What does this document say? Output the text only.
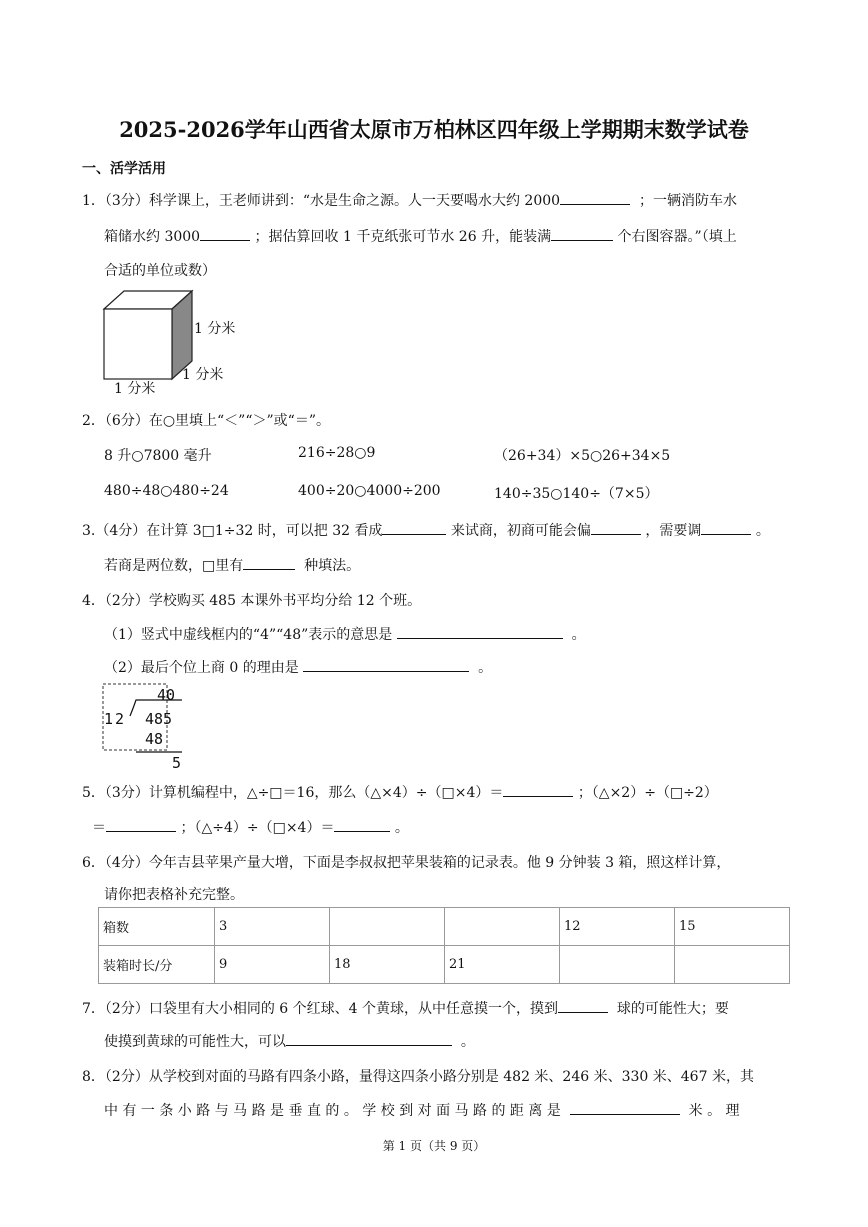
2025-2026学年山西省太原市万柏林区四年级上学期期末数学试卷
一、活学活用
1．（3分）科学课上，王老师讲到：“水是生命之源。人一天要喝水大约 2000	；一辆消防车水
箱储水约 3000	；据估算回收 1 千克纸张可节水 26 升，能装满	个右图容器。”（填上
合适的单位或数）
1 分米
1 分米
1 分米
2．（6分）在○里填上“＜”“＞”或“＝”。
8 升○7800 毫升	216÷28○9	（26+34）×5○26+34×5
480÷48○480÷24	400÷20○4000÷200	140÷35○140÷（7×5）
3.（4分）在计算 3□1÷32 时，可以把 32 看成	来试商，初商可能会偏	，需要调	。
若商是两位数，□里有	种填法。
4．（2分）学校购买 485 本课外书平均分给 12 个班。
（1）竖式中虚线框内的“4”“48”表示的意思是	。
（2）最后个位上商 0 的理由是	。
40
12 485
48
5
5．（3分）计算机编程中，△÷□＝16，那么（△×4）÷（□×4）＝	；（△×2）÷（□÷2）
＝	；（△÷4）÷（□×4）＝	。
6．（4分）今年吉县苹果产量大增，下面是李叔叔把苹果装箱的记录表。他 9 分钟装 3 箱，照这样计算，
请你把表格补充完整。
箱数	3			12	15
装箱时长/分	9	18	21		
7．（2分）口袋里有大小相同的 6 个红球、4 个黄球，从中任意摸一个，摸到	球的可能性大；要
使摸到黄球的可能性大，可以	。
8．（2分）从学校到对面的马路有四条小路，量得这四条小路分别是 482 米、246 米、330 米、467 米，其
中 有 一 条 小 路 与 马 路 是 垂 直 的 。 学 校 到 对 面 马 路 的 距 离 是	米 。 理
第 1 页（共 9 页）
